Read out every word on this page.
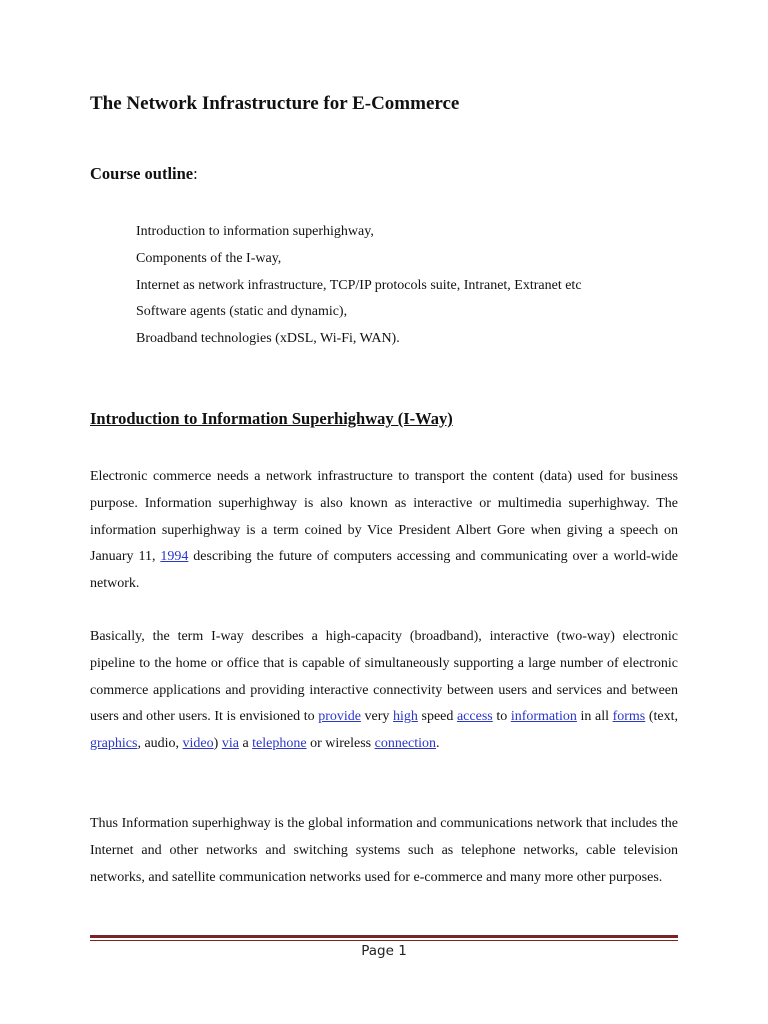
The Network Infrastructure for E-Commerce

Course outline:

Introduction to information superhighway,
Components of the I-way,
Internet as network infrastructure, TCP/IP protocols suite, Intranet, Extranet etc
Software agents (static and dynamic),
Broadband technologies (xDSL, Wi-Fi, WAN).
Introduction to Information Superhighway (I-Way)

Electronic commerce needs a network infrastructure to transport the content (data) used for business purpose. Information superhighway is also known as interactive or multimedia superhighway. The information superhighway is a term coined by Vice President Albert Gore when giving a speech on January 11, 1994 describing the future of computers accessing and communicating over a world-wide network.

Basically, the term I-way describes a high-capacity (broadband), interactive (two-way) electronic pipeline to the home or office that is capable of simultaneously supporting a large number of electronic commerce applications and providing interactive connectivity between users and services and between users and other users. It is envisioned to provide very high speed access to information in all forms (text, graphics, audio, video) via a telephone or wireless connection.

Thus Information superhighway is the global information and communications network that includes the Internet and other networks and switching systems such as telephone networks, cable television networks, and satellite communication networks used for e-commerce and many more other purposes.

Page 1
